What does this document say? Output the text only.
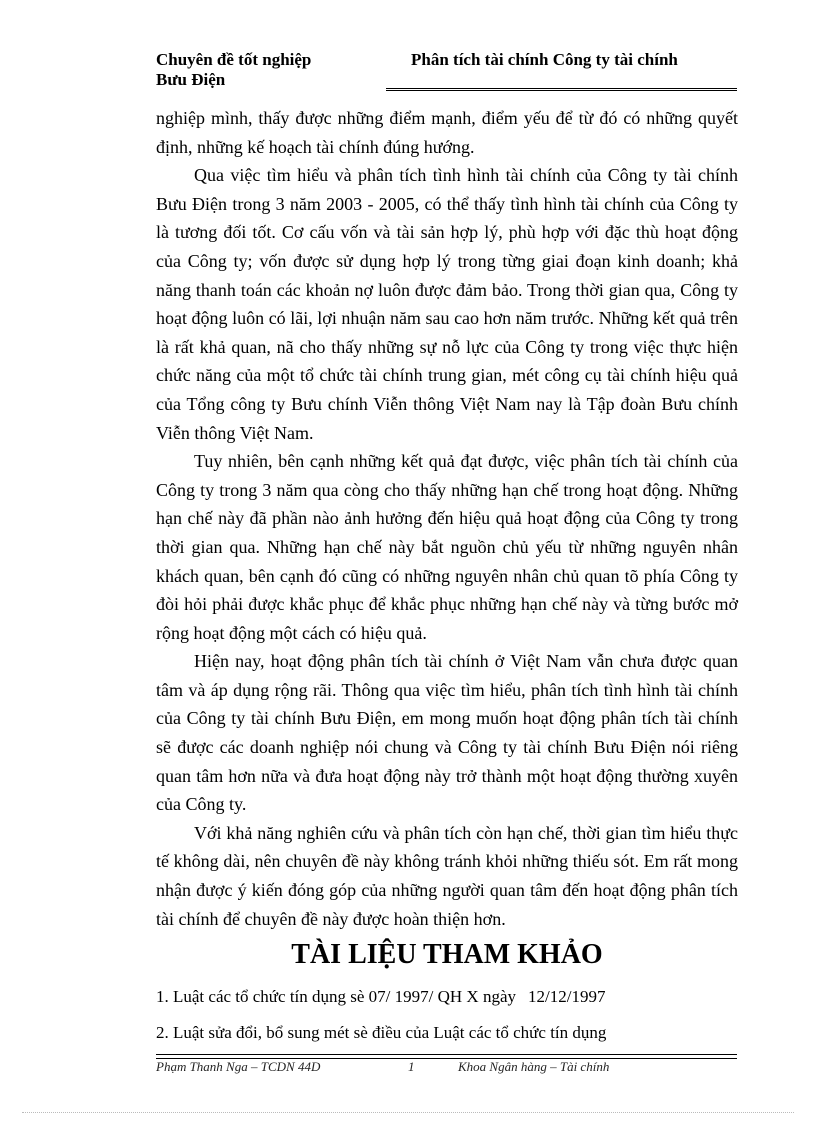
Chuyên đề tốt nghiệp
Bưu Điện
Phân tích tài chính Công ty tài chính

nghiệp mình, thấy được những điểm mạnh, điểm yếu để từ đó có những quyết định, những kế hoạch tài chính đúng hướng.

Qua việc tìm hiểu và phân tích tình hình tài chính của Công ty tài chính Bưu Điện trong 3 năm 2003 - 2005, có thể thấy tình hình tài chính của Công ty là tương đối tốt. Cơ cấu vốn và tài sản hợp lý, phù hợp với đặc thù hoạt động của Công ty; vốn được sử dụng hợp lý trong từng giai đoạn kinh doanh; khả năng thanh toán các khoản nợ luôn được đảm bảo. Trong thời gian qua, Công ty hoạt động luôn có lãi, lợi nhuận năm sau cao hơn năm trước. Những kết quả trên là rất khả quan, nã cho thấy những sự nỗ lực của Công ty trong việc thực hiện chức năng của một tổ chức tài chính trung gian, mét công cụ tài chính hiệu quả của Tổng công ty Bưu chính Viễn thông Việt Nam nay là Tập đoàn Bưu chính Viễn thông Việt Nam.

Tuy nhiên, bên cạnh những kết quả đạt được, việc phân tích tài chính của Công ty trong 3 năm qua còng cho thấy những hạn chế trong hoạt động. Những hạn chế này đã phần nào ảnh hưởng đến hiệu quả hoạt động của Công ty trong thời gian qua. Những hạn chế này bắt nguồn chủ yếu từ những nguyên nhân khách quan, bên cạnh đó cũng có những nguyên nhân chủ quan tõ phía Công ty đòi hỏi phải được khắc phục để khắc phục những hạn chế này và từng bước mở rộng hoạt động một cách có hiệu quả.

Hiện nay, hoạt động phân tích tài chính ở Việt Nam vẫn chưa được quan tâm và áp dụng rộng rãi. Thông qua việc tìm hiểu, phân tích tình hình tài chính của Công ty tài chính Bưu Điện, em mong muốn hoạt động phân tích tài chính sẽ được các doanh nghiệp nói chung và Công ty tài chính Bưu Điện nói riêng quan tâm hơn nữa và đưa hoạt động này trở thành một hoạt động thường xuyên của Công ty.

Với khả năng nghiên cứu và phân tích còn hạn chế, thời gian tìm hiểu thực tế không dài, nên chuyên đề này không tránh khỏi những thiếu sót. Em rất mong nhận được ý kiến đóng góp của những người quan tâm đến hoạt động phân tích tài chính để chuyên đề này được hoàn thiện hơn.

TÀI LIỆU THAM KHẢO

1. Luật các tổ chức tín dụng sè 07/ 1997/ QH X ngày 12/12/1997

2. Luật sửa đổi, bổ sung mét sè điều của Luật các tổ chức tín dụng

Phạm Thanh Nga – TCDN 44D	1	Khoa Ngân hàng – Tài chính
